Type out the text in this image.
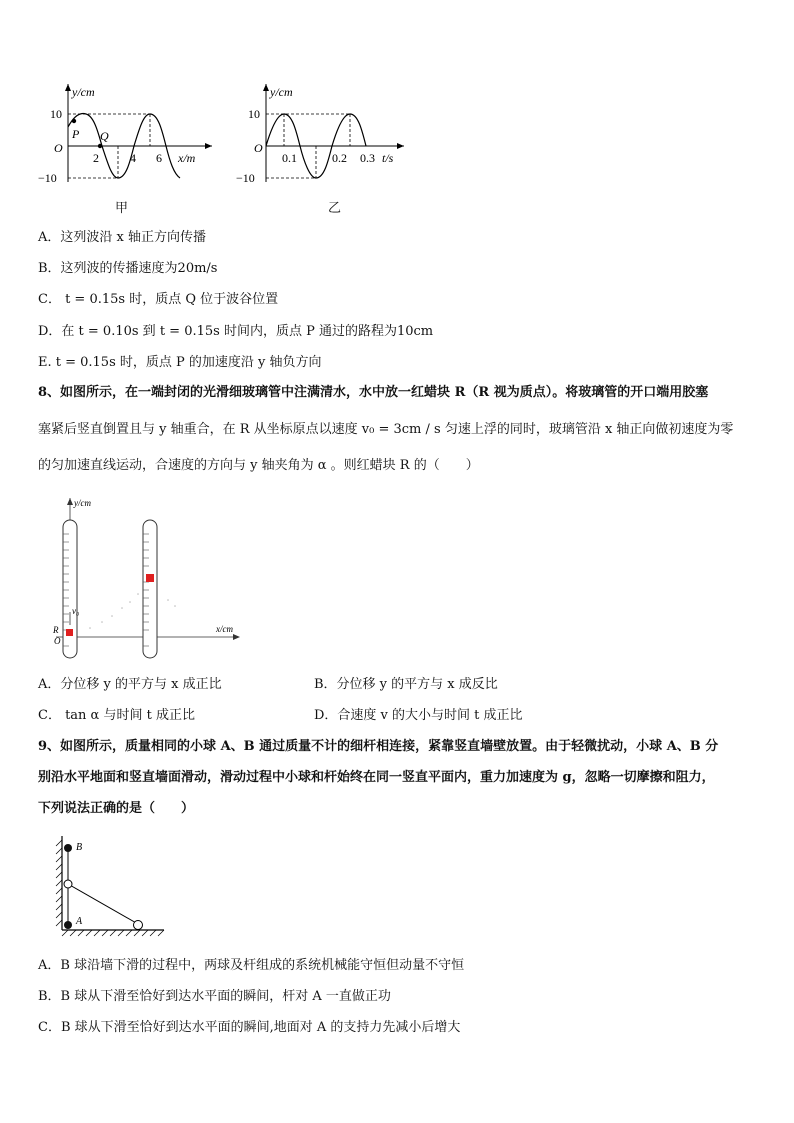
y/cm
10
O
−10
2	4 6 x/m
P Q
甲
y/cm
10
O
−10
0.1	0.2 0.3 t/s
乙
A．这列波沿 x 轴正方向传播
B．这列波的传播速度为20m/s
C． t = 0.15s 时，质点 Q 位于波谷位置
D．在 t = 0.10s 到 t = 0.15s 时间内，质点 P 通过的路程为10cm
E. t = 0.15s 时，质点 P 的加速度沿 y 轴负方向
8、如图所示，在一端封闭的光滑细玻璃管中注满清水，水中放一红蜡块 R（R 视为质点）。将玻璃管的开口端用胶塞
塞紧后竖直倒置且与 y 轴重合，在 R 从坐标原点以速度 v₀ = 3cm / s 匀速上浮的同时，玻璃管沿 x 轴正向做初速度为零
的匀加速直线运动，合速度的方向与 y 轴夹角为 α 。则红蜡块 R 的（　　）
y/cm
x/cm
v₀
R
O
A．分位移 y 的平方与 x 成正比	B．分位移 y 的平方与 x 成反比
C． tan α 与时间 t 成正比	D．合速度 v 的大小与时间 t 成正比
9、如图所示，质量相同的小球 A、B 通过质量不计的细杆相连接，紧靠竖直墙壁放置。由于轻微扰动，小球 A、B 分
别沿水平地面和竖直墙面滑动，滑动过程中小球和杆始终在同一竖直平面内，重力加速度为 g，忽略一切摩擦和阻力，
下列说法正确的是（　　）
B
A
A．B 球沿墙下滑的过程中，两球及杆组成的系统机械能守恒但动量不守恒
B．B 球从下滑至恰好到达水平面的瞬间，杆对 A 一直做正功
C．B 球从下滑至恰好到达水平面的瞬间,地面对 A 的支持力先减小后增大
